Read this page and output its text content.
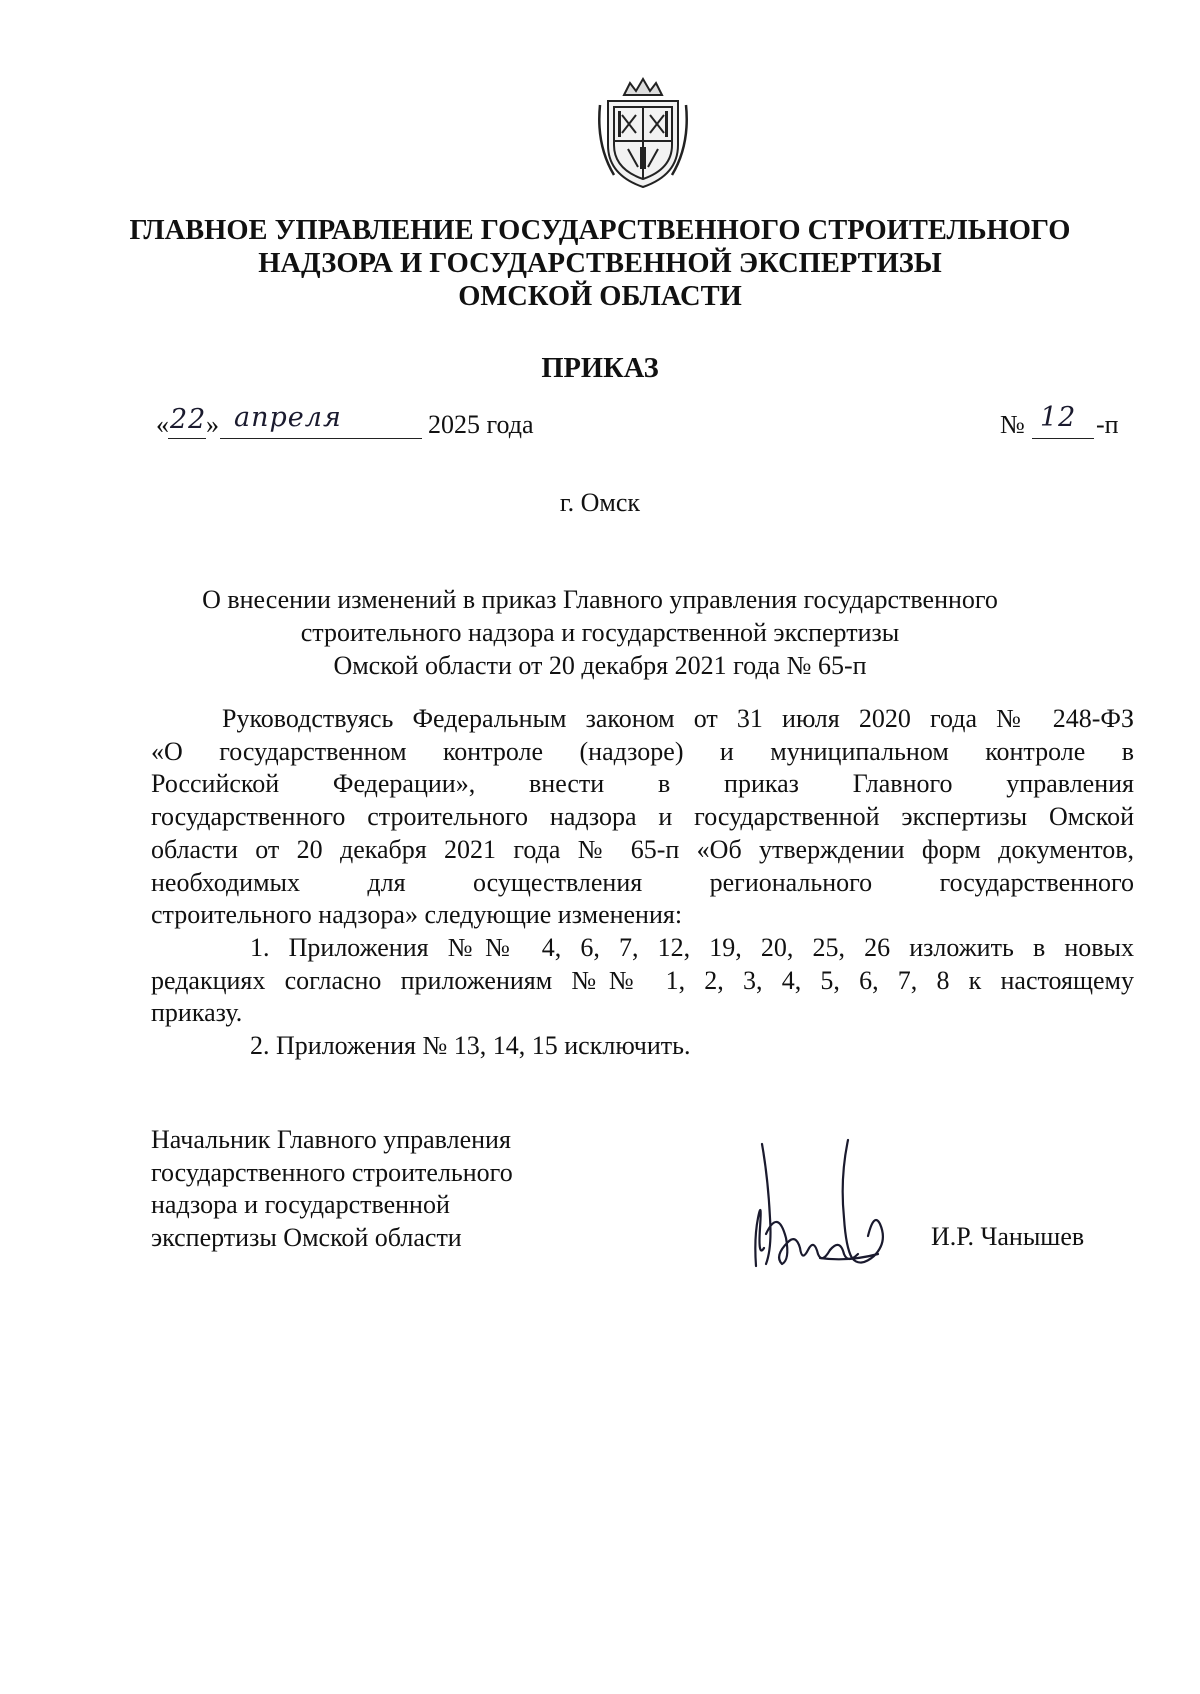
ГЛАВНОЕ УПРАВЛЕНИЕ ГОСУДАРСТВЕННОГО СТРОИТЕЛЬНОГО
НАДЗОРА И ГОСУДАРСТВЕННОЙ ЭКСПЕРТИЗЫ
ОМСКОЙ ОБЛАСТИ
ПРИКАЗ
« 22 » апреля	2025 года	№ 12 -п
г. Омск
О внесении изменений в приказ Главного управления государственного
строительного надзора и государственной экспертизы
Омской области от 20 декабря 2021 года № 65-п
Руководствуясь Федеральным законом от 31 июля 2020 года № 248-ФЗ
«О государственном контроле (надзоре) и муниципальном контроле в
Российской Федерации», внести в приказ Главного управления
государственного строительного надзора и государственной экспертизы Омской
области от 20 декабря 2021 года № 65-п «Об утверждении форм документов,
необходимых для осуществления регионального государственного
строительного надзора» следующие изменения:
1. Приложения №№ 4, 6, 7, 12, 19, 20, 25, 26 изложить в новых
редакциях согласно приложениям №№ 1, 2, 3, 4, 5, 6, 7, 8 к настоящему
приказу.
2. Приложения № 13, 14, 15 исключить.
Начальник Главного управления
государственного строительного
надзора и государственной
экспертизы Омской области	И.Р. Чанышев
